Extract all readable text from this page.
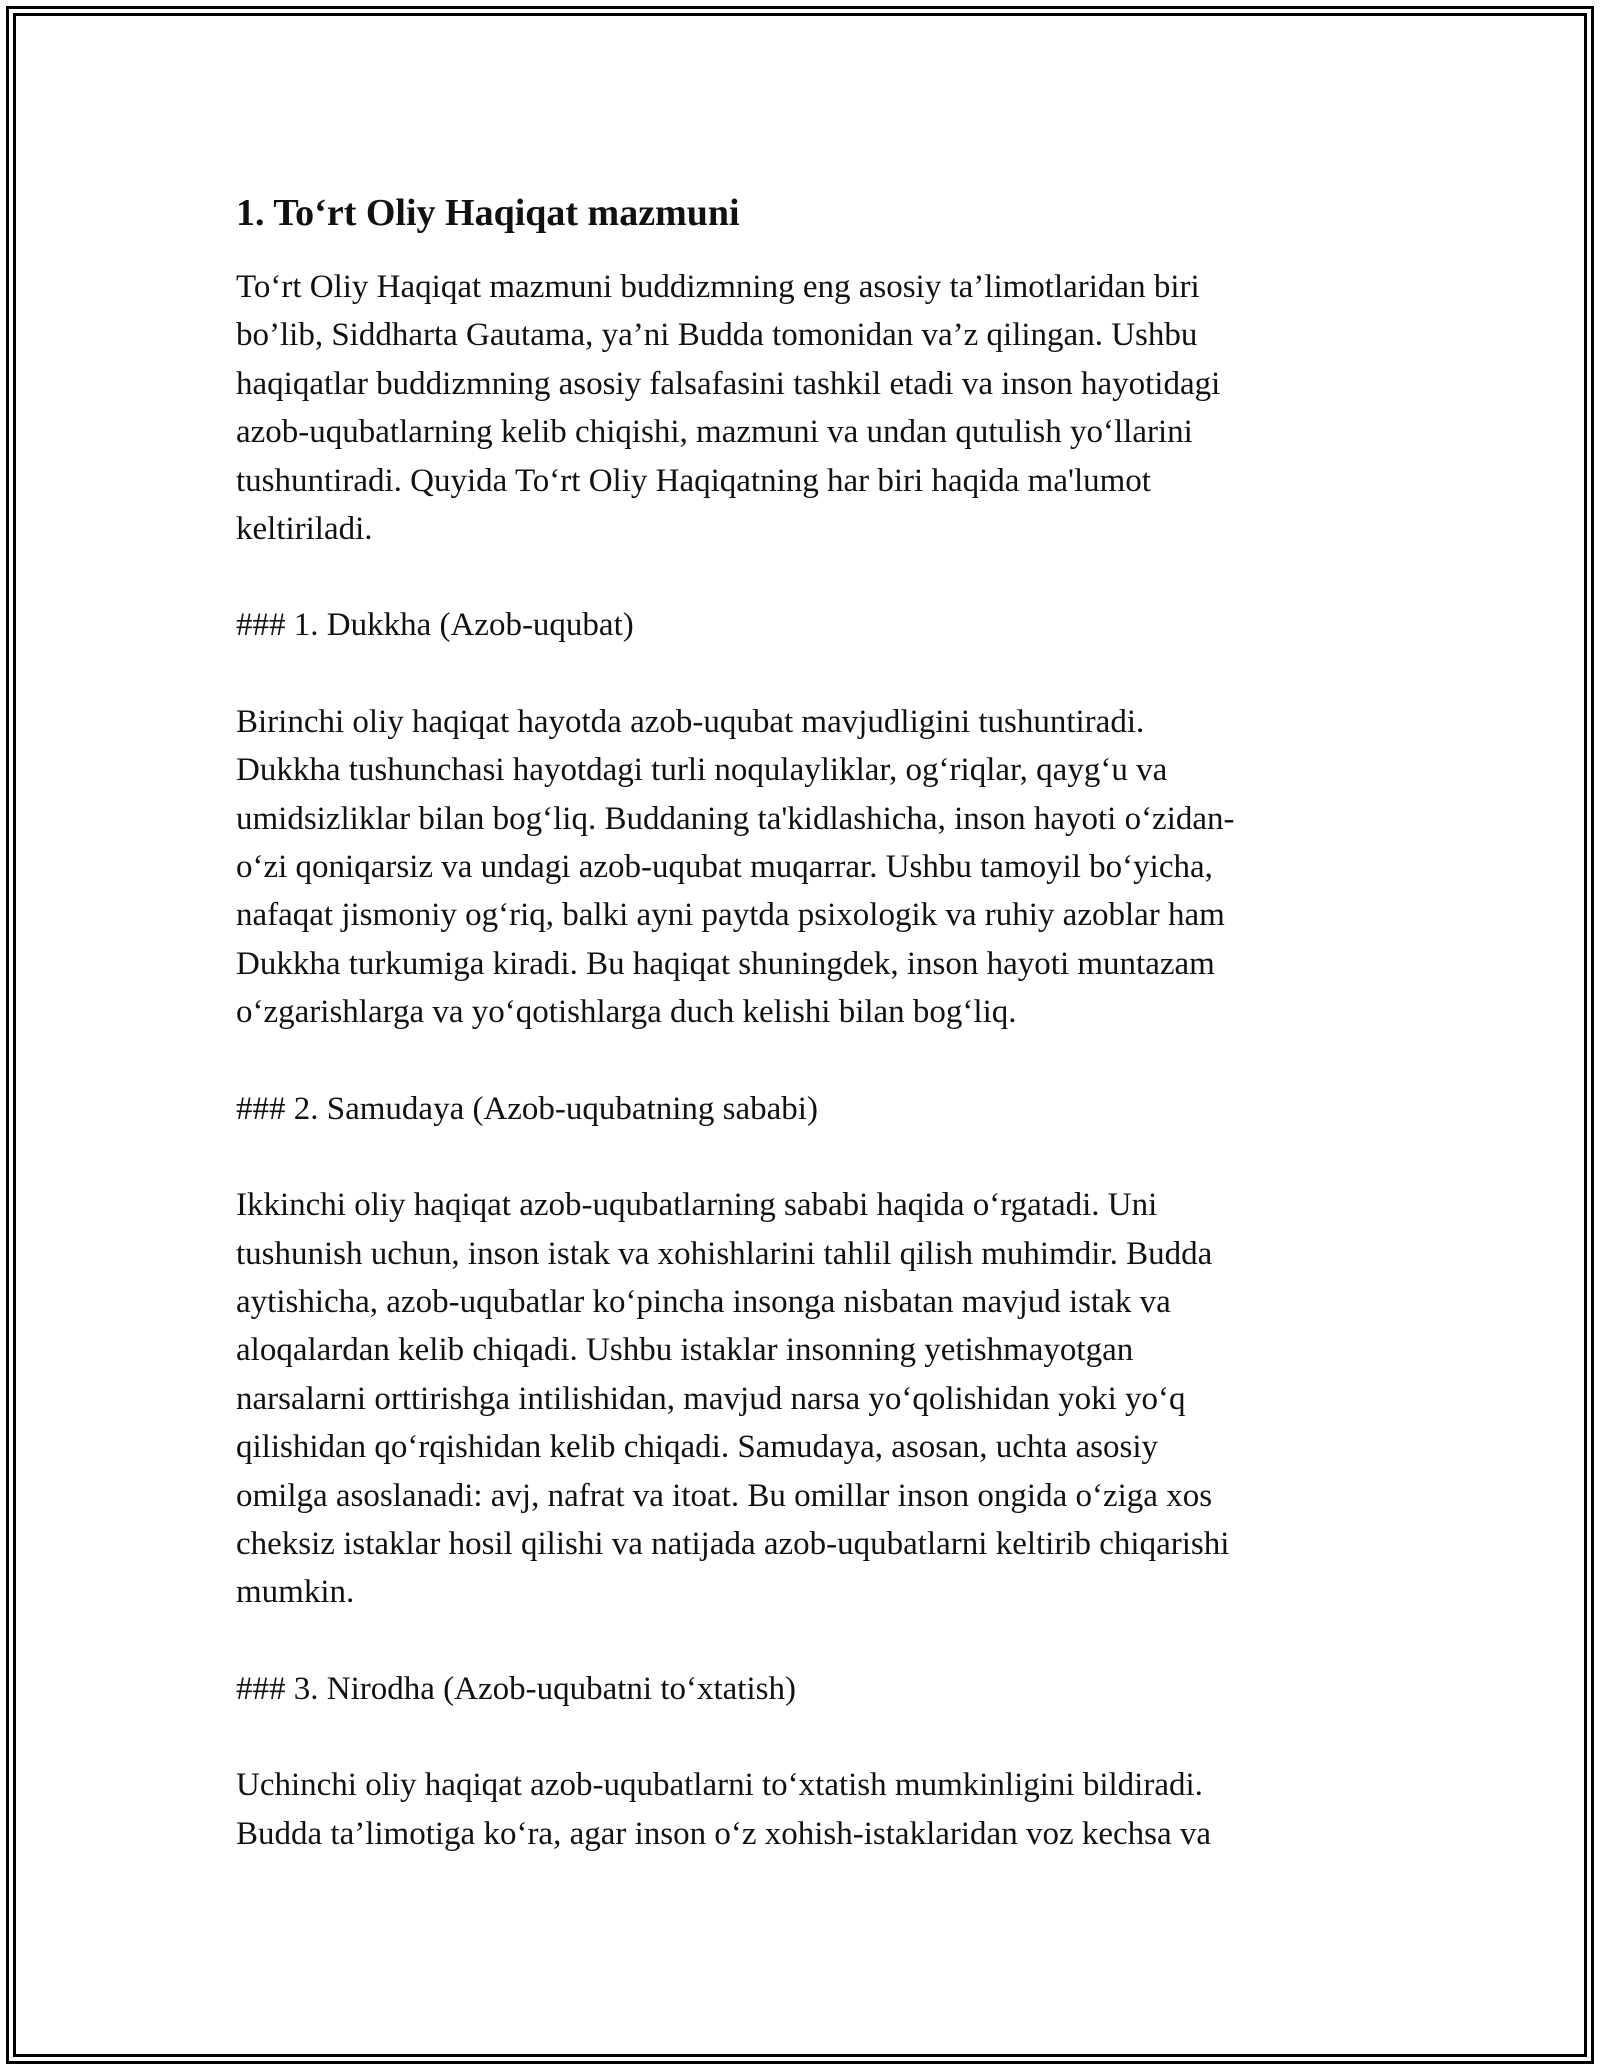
1. To‘rt Oliy Haqiqat mazmuni
To‘rt Oliy Haqiqat mazmuni buddizmning eng asosiy ta’limotlaridan biri
bo’lib, Siddharta Gautama, ya’ni Budda tomonidan va’z qilingan. Ushbu
haqiqatlar buddizmning asosiy falsafasini tashkil etadi va inson hayotidagi
azob-uqubatlarning kelib chiqishi, mazmuni va undan qutulish yo‘llarini
tushuntiradi. Quyida To‘rt Oliy Haqiqatning har biri haqida ma'lumot
keltiriladi.
### 1. Dukkha (Azob-uqubat)
Birinchi oliy haqiqat hayotda azob-uqubat mavjudligini tushuntiradi.
Dukkha tushunchasi hayotdagi turli noqulayliklar, og‘riqlar, qayg‘u va
umidsizliklar bilan bog‘liq. Buddaning ta'kidlashicha, inson hayoti o‘zidan-
o‘zi qoniqarsiz va undagi azob-uqubat muqarrar. Ushbu tamoyil bo‘yicha,
nafaqat jismoniy og‘riq, balki ayni paytda psixologik va ruhiy azoblar ham
Dukkha turkumiga kiradi. Bu haqiqat shuningdek, inson hayoti muntazam
o‘zgarishlarga va yo‘qotishlarga duch kelishi bilan bog‘liq.
### 2. Samudaya (Azob-uqubatning sababi)
Ikkinchi oliy haqiqat azob-uqubatlarning sababi haqida o‘rgatadi. Uni
tushunish uchun, inson istak va xohishlarini tahlil qilish muhimdir. Budda
aytishicha, azob-uqubatlar ko‘pincha insonga nisbatan mavjud istak va
aloqalardan kelib chiqadi. Ushbu istaklar insonning yetishmayotgan
narsalarni orttirishga intilishidan, mavjud narsa yo‘qolishidan yoki yo‘q
qilishidan qo‘rqishidan kelib chiqadi. Samudaya, asosan, uchta asosiy
omilga asoslanadi: avj, nafrat va itoat. Bu omillar inson ongida o‘ziga xos
cheksiz istaklar hosil qilishi va natijada azob-uqubatlarni keltirib chiqarishi
mumkin.
### 3. Nirodha (Azob-uqubatni to‘xtatish)
Uchinchi oliy haqiqat azob-uqubatlarni to‘xtatish mumkinligini bildiradi.
Budda ta’limotiga ko‘ra, agar inson o‘z xohish-istaklaridan voz kechsa va
